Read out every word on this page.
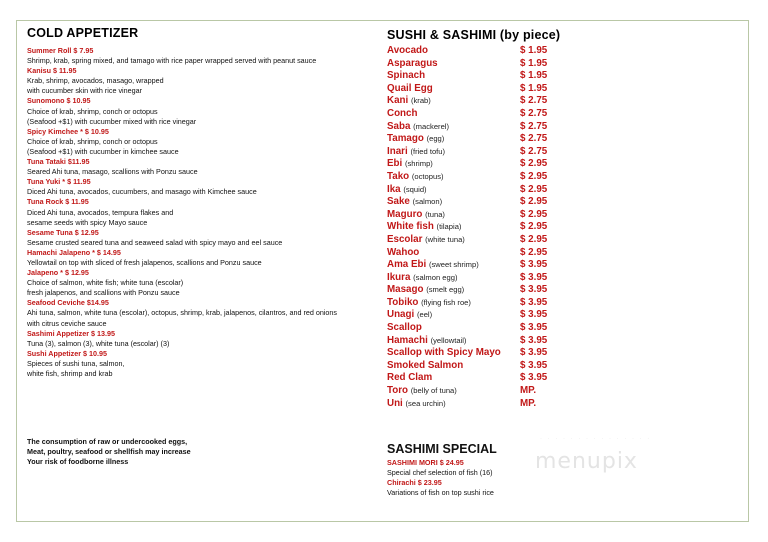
COLD APPETIZER
Summer Roll $ 7.95
Shrimp, krab, spring mixed, and tamago with rice paper wrapped served with peanut sauce
Kanisu $ 11.95
Krab, shrimp, avocados, masago, wrapped
with cucumber skin with rice vinegar
Sunomono $ 10.95
Choice of krab, shrimp, conch or octopus
(Seafood +$1) with cucumber mixed with rice vinegar
Spicy Kimchee * $ 10.95
Choice of krab, shrimp, conch or octopus
(Seafood +$1) with cucumber in kimchee sauce
Tuna Tataki $11.95
Seared Ahi tuna, masago, scallions with Ponzu sauce
Tuna Yuki * $ 11.95
Diced Ahi tuna, avocados, cucumbers, and masago with Kimchee sauce
Tuna Rock $ 11.95
Diced Ahi tuna, avocados, tempura flakes and
sesame seeds with spicy Mayo sauce
Sesame Tuna $ 12.95
Sesame crusted seared tuna and seaweed salad with spicy mayo and eel sauce
Hamachi Jalapeno * $ 14.95
Yellowtail on top with sliced of fresh jalapenos, scallions and Ponzu sauce
Jalapeno * $ 12.95
Choice of salmon, white fish; white tuna (escolar)
fresh jalapenos, and scallions with Ponzu sauce
Seafood Ceviche $14.95
Ahi tuna, salmon, white tuna (escolar), octopus, shrimp, krab, jalapenos, cilantros, and red onions
with citrus ceviche sauce
Sashimi Appetizer $ 13.95
Tuna (3), salmon (3), white tuna (escolar) (3)
Sushi Appetizer $ 10.95
Spieces of sushi tuna, salmon,
white fish, shrimp and krab
The consumption of raw or undercooked eggs,
Meat, poultry, seafood or shellfish may increase
Your risk of foodborne illness
SUSHI & SASHIMI (by piece)
Avocado	$ 1.95
Asparagus	$ 1.95
Spinach	$ 1.95
Quail Egg	$ 1.95
Kani (krab)	$ 2.75
Conch	$ 2.75
Saba (mackerel)	$ 2.75
Tamago (egg)	$ 2.75
Inari (fried tofu)	$ 2.75
Ebi (shrimp)	$ 2.95
Tako (octopus)	$ 2.95
Ika (squid)	$ 2.95
Sake (salmon)	$ 2.95
Maguro (tuna)	$ 2.95
White fish (tilapia)	$ 2.95
Escolar (white tuna)	$ 2.95
Wahoo	$ 2.95
Ama Ebi (sweet shrimp)	$ 3.95
Ikura (salmon egg)	$ 3.95
Masago (smelt egg)	$ 3.95
Tobiko (flying fish roe)	$ 3.95
Unagi (eel)	$ 3.95
Scallop	$ 3.95
Hamachi (yellowtail)	$ 3.95
Scallop with Spicy Mayo $ 3.95
Smoked Salmon	$ 3.95
Red Clam	$ 3.95
Toro (belly of tuna)	MP.
Uni (sea urchin)	MP.
SASHIMI SPECIAL
SASHIMI MORI $ 24.95
Special chef selection of fish (16)
Chirachi $ 23.95
Variations of fish on top sushi rice
· · · · · · · · · · · · · · ·
menupix
